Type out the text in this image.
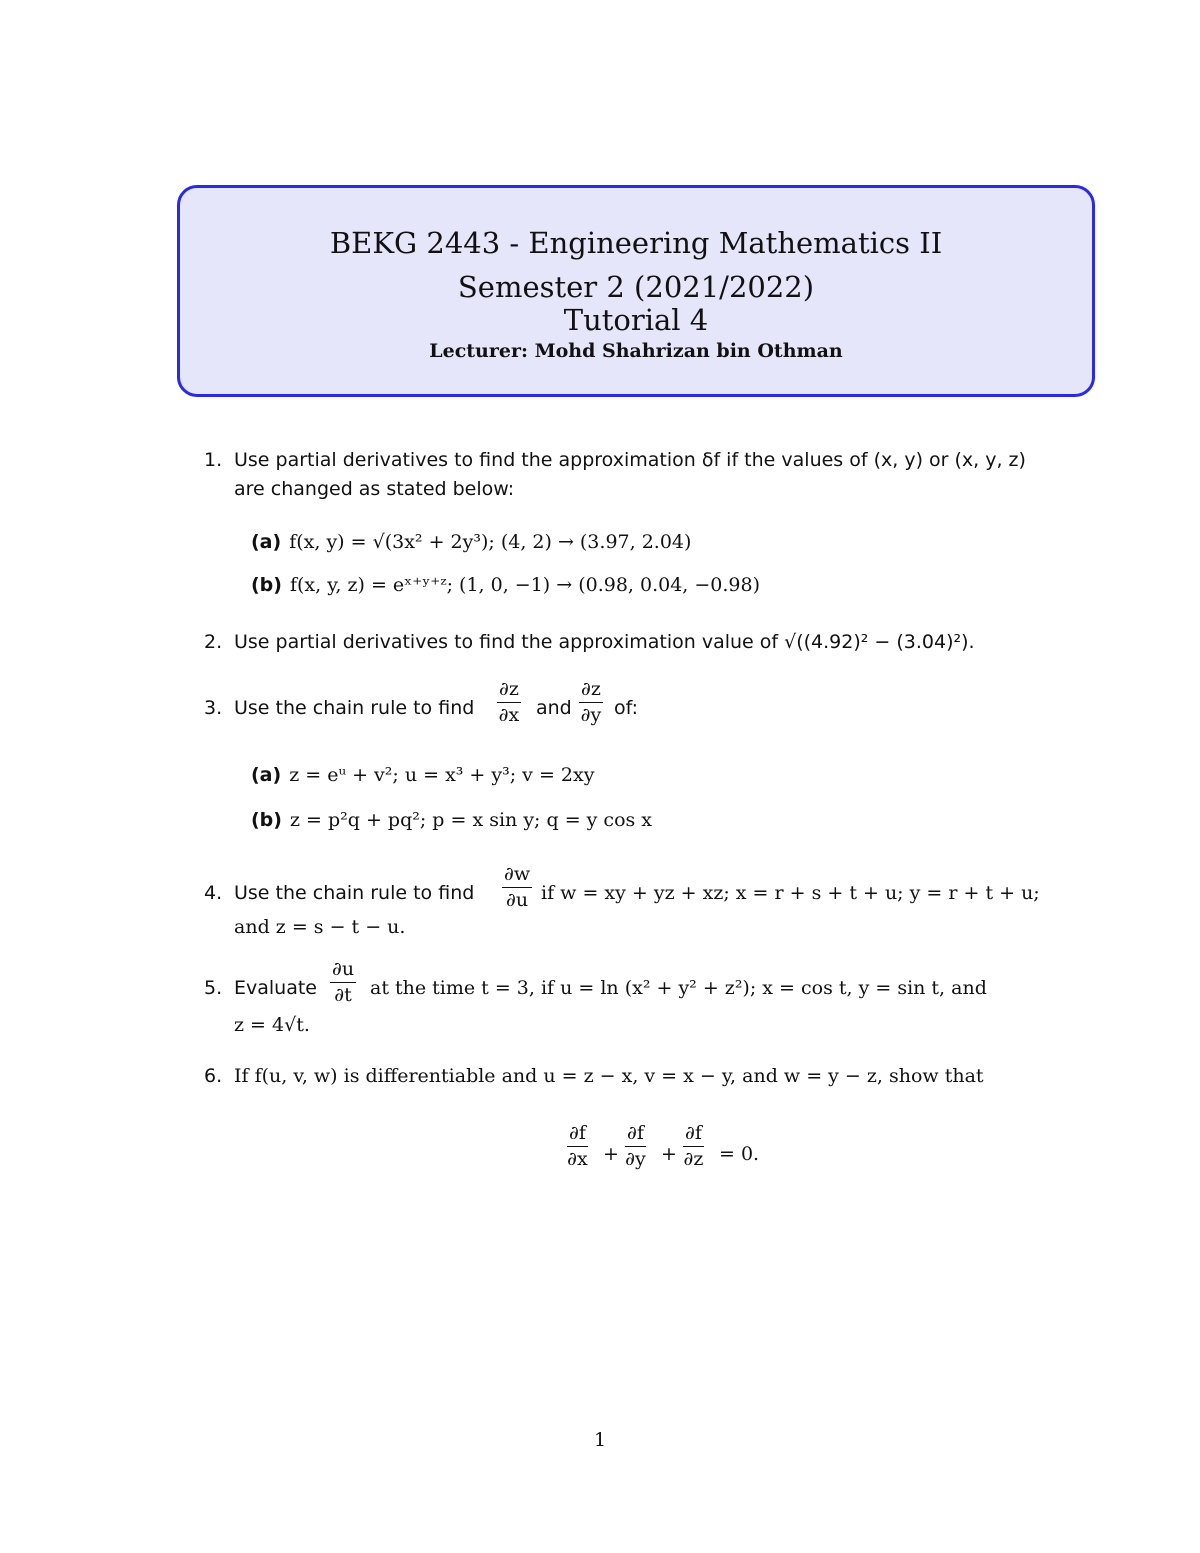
BEKG 2443 - Engineering Mathematics II
Semester 2 (2021/2022)
Tutorial 4
Lecturer: Mohd Shahrizan bin Othman
1. Use partial derivatives to find the approximation δf if the values of (x, y) or (x, y, z)
are changed as stated below:
(a) f(x, y) = √(3x² + 2y³); (4, 2) → (3.97, 2.04)
(b) f(x, y, z) = eˣ⁺ʸ⁺ᶻ; (1, 0, −1) → (0.98, 0.04, −0.98)
2. Use partial derivatives to find the approximation value of √((4.92)² − (3.04)²).
3. Use the chain rule to find $\frac{\partial z}{\partial x}$ and $\frac{\partial z}{\partial y}$ of:
(a) z = eᵘ + v²; u = x³ + y³; v = 2xy
(b) z = p²q + pq²; p = x sin y; q = y cos x
4. Use the chain rule to find $\frac{\partial w}{\partial u}$ if w = xy + yz + xz; x = r + s + t + u; y = r + t + u;
and z = s − t − u.
5. Evaluate $\frac{\partial u}{\partial t}$ at the time t = 3, if u = ln (x² + y² + z²); x = cos t, y = sin t, and
z = 4√t.
6. If f(u, v, w) is differentiable and u = z − x, v = x − y, and w = y − z, show that
$\frac{\partial f}{\partial x} + \frac{\partial f}{\partial y} + \frac{\partial f}{\partial z} = 0$.
1
